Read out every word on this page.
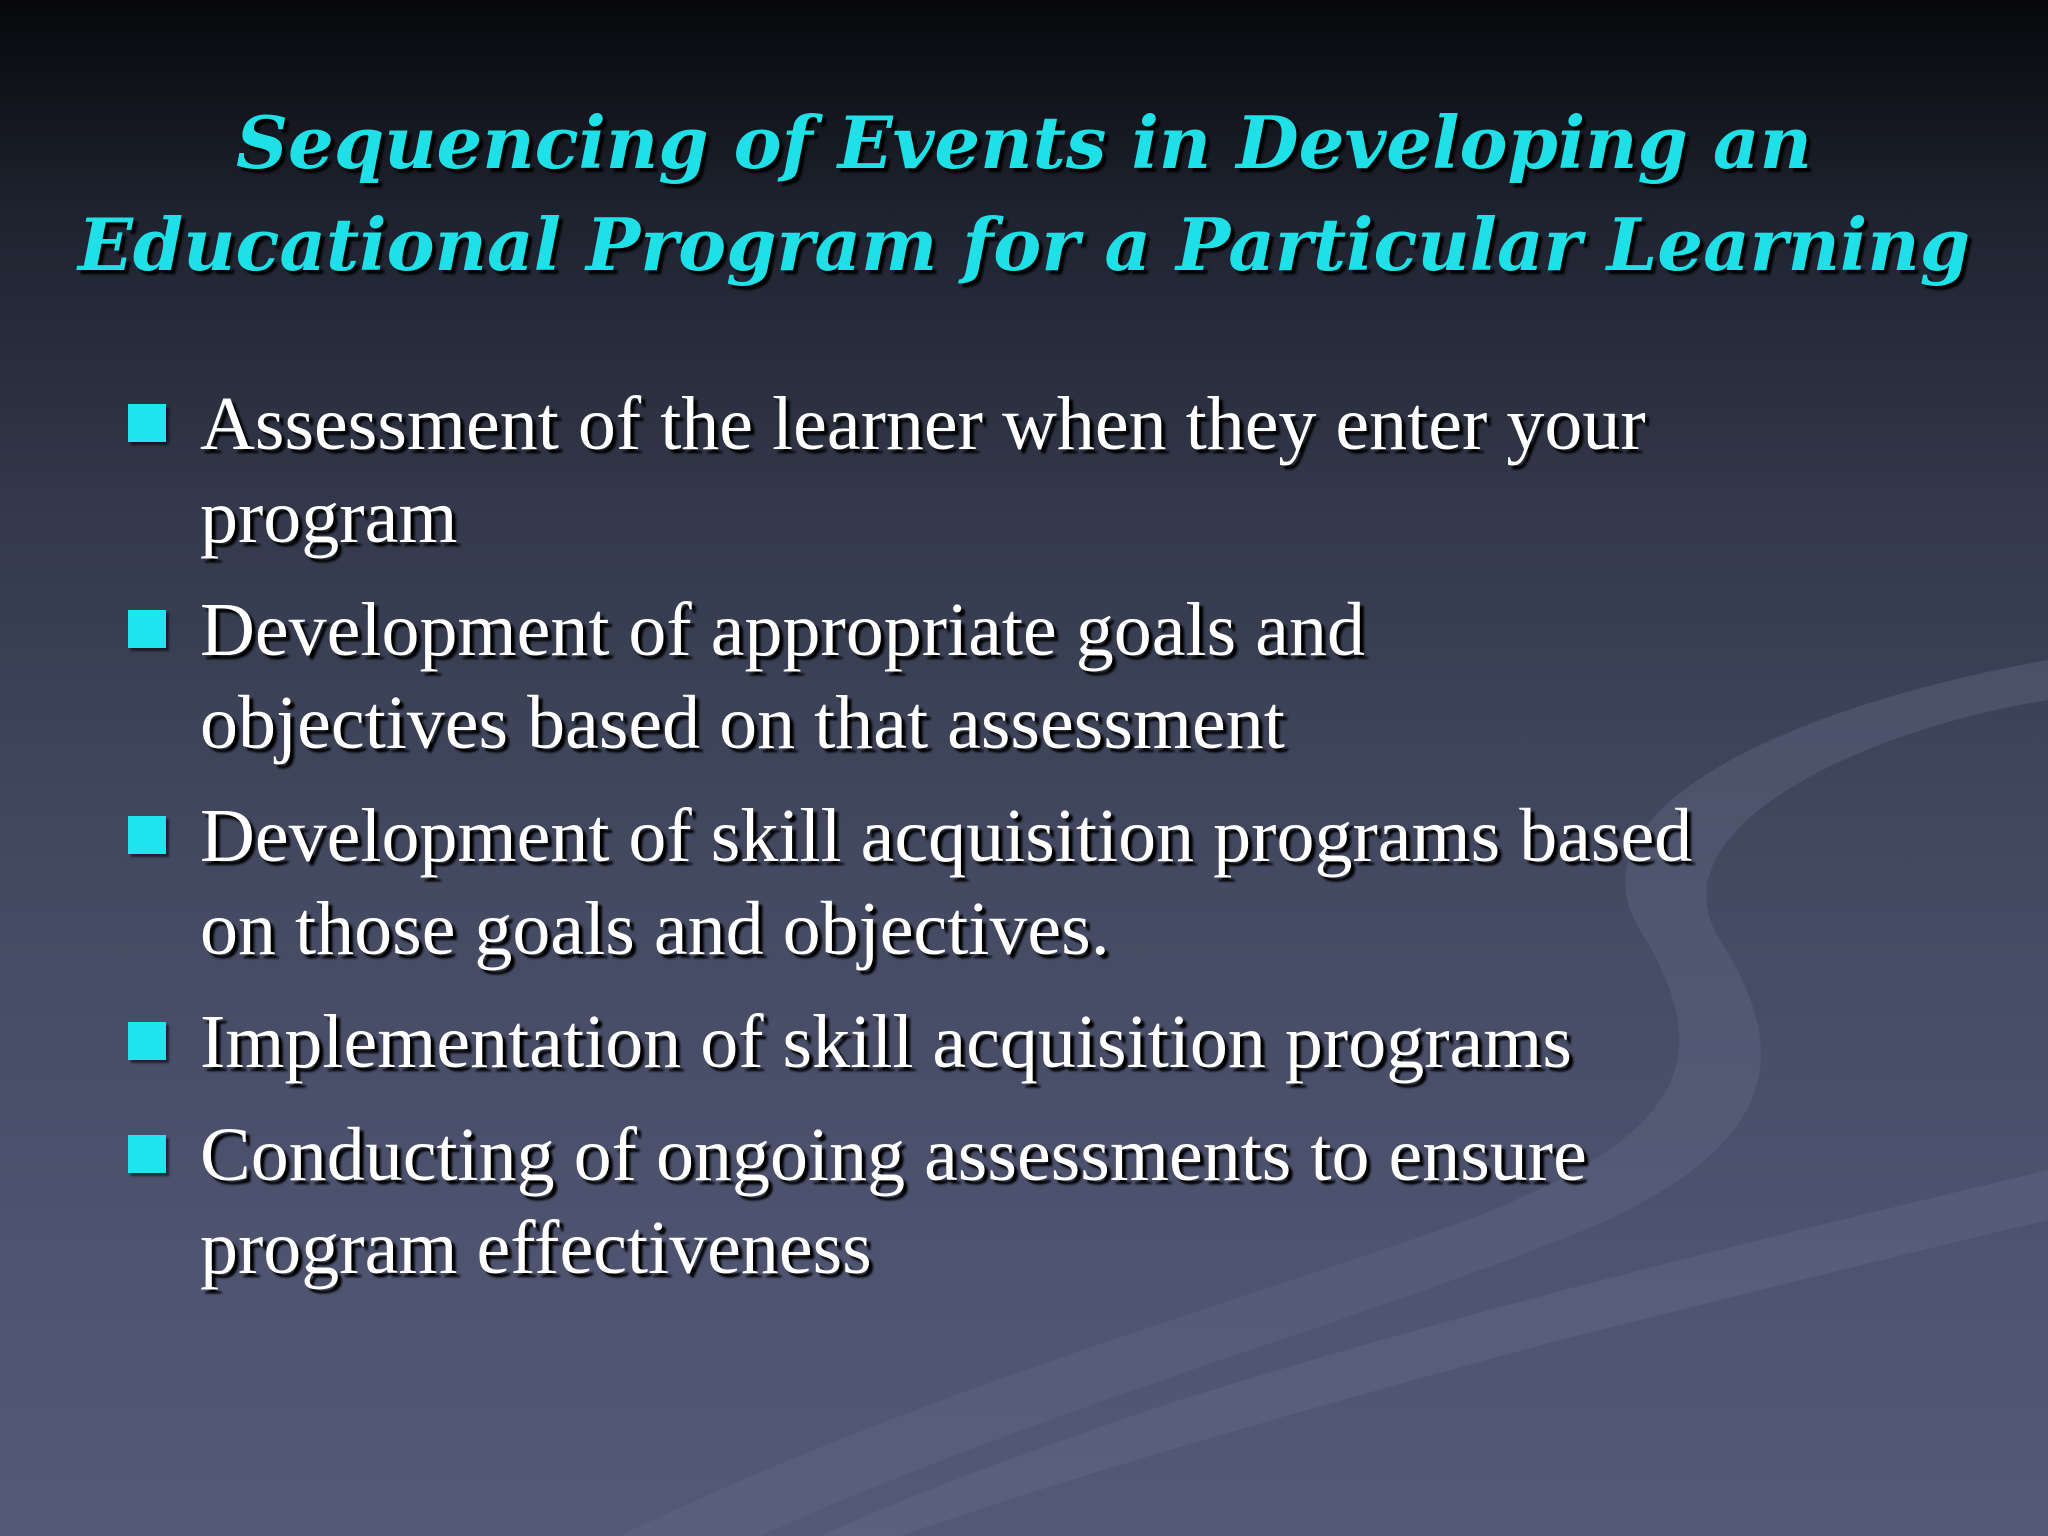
Sequencing of Events in Developing an
Educational Program for a Particular Learning
Assessment of the learner when they enter your
program
Development of appropriate goals and
objectives based on that assessment
Development of skill acquisition programs based
on those goals and objectives.
Implementation of skill acquisition programs
Conducting of ongoing assessments to ensure
program effectiveness
